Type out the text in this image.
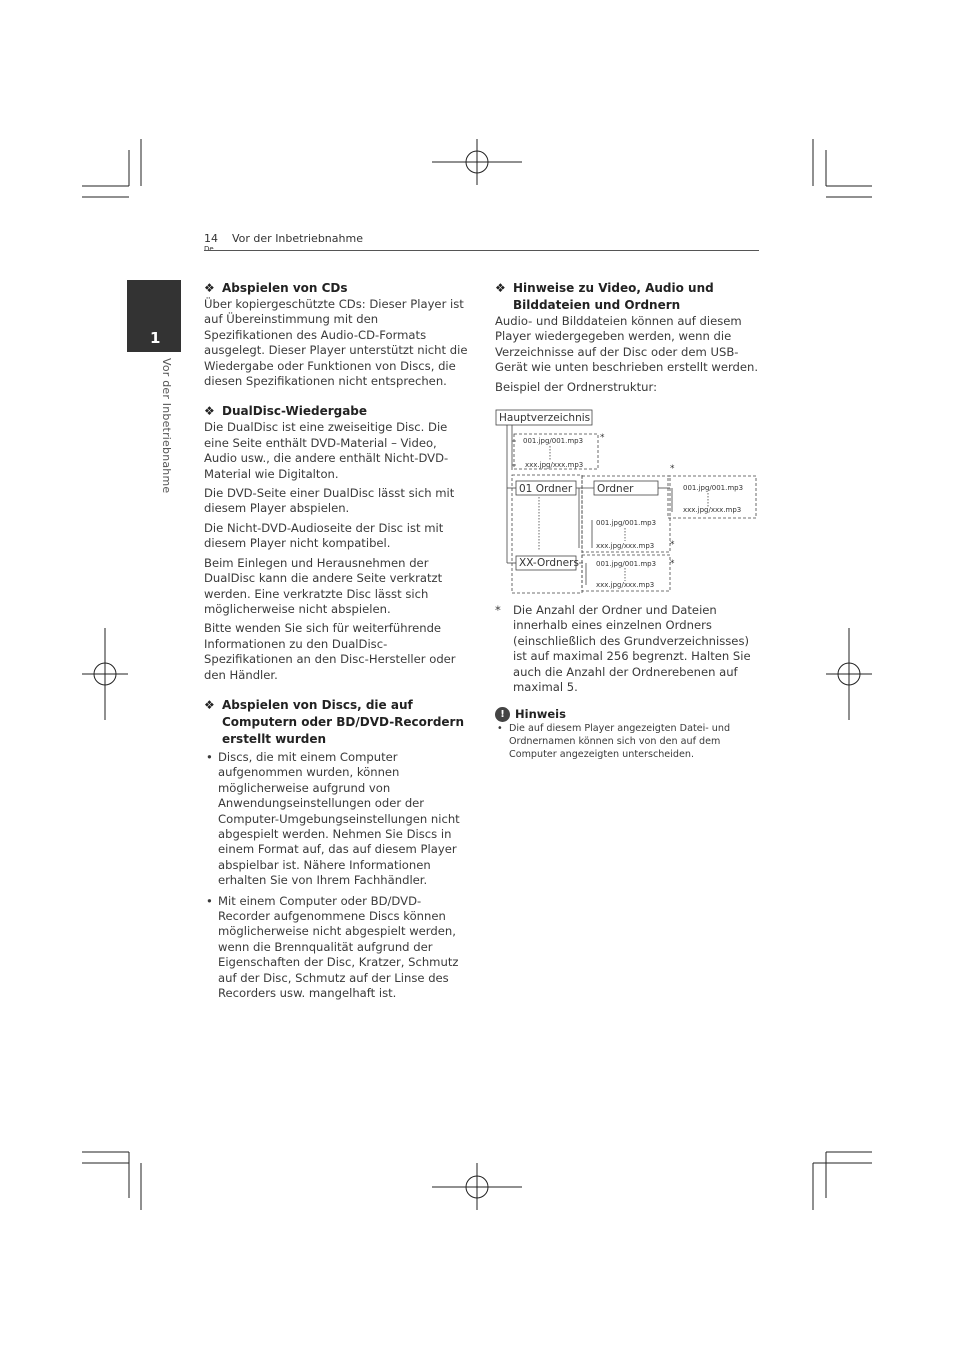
14
De
Vor der Inbetriebnahme
1
Vor der Inbetriebnahme
❖ Abspielen von CDs

Über kopiergeschützte CDs: Dieser Player ist auf Übereinstimmung mit den Spezifikationen des Audio-CD-Formats ausgelegt. Dieser Player unterstützt nicht die Wiedergabe oder Funktionen von Discs, die diesen Spezifikationen nicht entsprechen.

❖ DualDisc-Wiedergabe

Die DualDisc ist eine zweiseitige Disc. Die eine Seite enthält DVD-Material – Video, Audio usw., die andere enthält Nicht-DVD-Material wie Digitalton.

Die DVD-Seite einer DualDisc lässt sich mit diesem Player abspielen.

Die Nicht-DVD-Audioseite der Disc ist mit diesem Player nicht kompatibel.

Beim Einlegen und Herausnehmen der DualDisc kann die andere Seite verkratzt werden. Eine verkratzte Disc lässt sich möglicherweise nicht abspielen.

Bitte wenden Sie sich für weiterführende Informationen zu den DualDisc-Spezifikationen an den Disc-Hersteller oder den Händler.

❖ Abspielen von Discs, die auf Computern oder BD/DVD-Recordern erstellt wurden
• Discs, die mit einem Computer aufgenommen wurden, können möglicherweise aufgrund von Anwendungseinstellungen oder der Computer-Umgebungseinstellungen nicht abgespielt werden. Nehmen Sie Discs in einem Format auf, das auf diesem Player abspielbar ist. Nähere Informationen erhalten Sie von Ihrem Fachhändler.
• Mit einem Computer oder BD/DVD-Recorder aufgenommene Discs können möglicherweise nicht abgespielt werden, wenn die Brennqualität aufgrund der Eigenschaften der Disc, Kratzer, Schmutz auf der Disc, Schmutz auf der Linse des Recorders usw. mangelhaft ist.
❖ Hinweise zu Video, Audio und Bilddateien und Ordnern

Audio- und Bilddateien können auf diesem Player wiedergegeben werden, wenn die Verzeichnisse auf der Disc oder dem USB-Gerät wie unten beschrieben erstellt werden.

Beispiel der Ordnerstruktur:

Hauptverzeichnis
001.jpg/001.mp3
xxx.jpg/xxx.mp3
*
01 Ordner Ordner
*
001.jpg/001.mp3
xxx.jpg/xxx.mp3
001.jpg/001.mp3
xxx.jpg/xxx.mp3 *
XX-Ordners 001.jpg/001.mp3
xxx.jpg/xxx.mp3
*
* Die Anzahl der Ordner und Dateien innerhalb eines einzelnen Ordners (einschließlich des Grundverzeichnisses) ist auf maximal 256 begrenzt. Halten Sie auch die Anzahl der Ordnerebenen auf maximal 5.
! Hinweis
• Die auf diesem Player angezeigten Datei- und Ordnernamen können sich von den auf dem Computer angezeigten unterscheiden.
